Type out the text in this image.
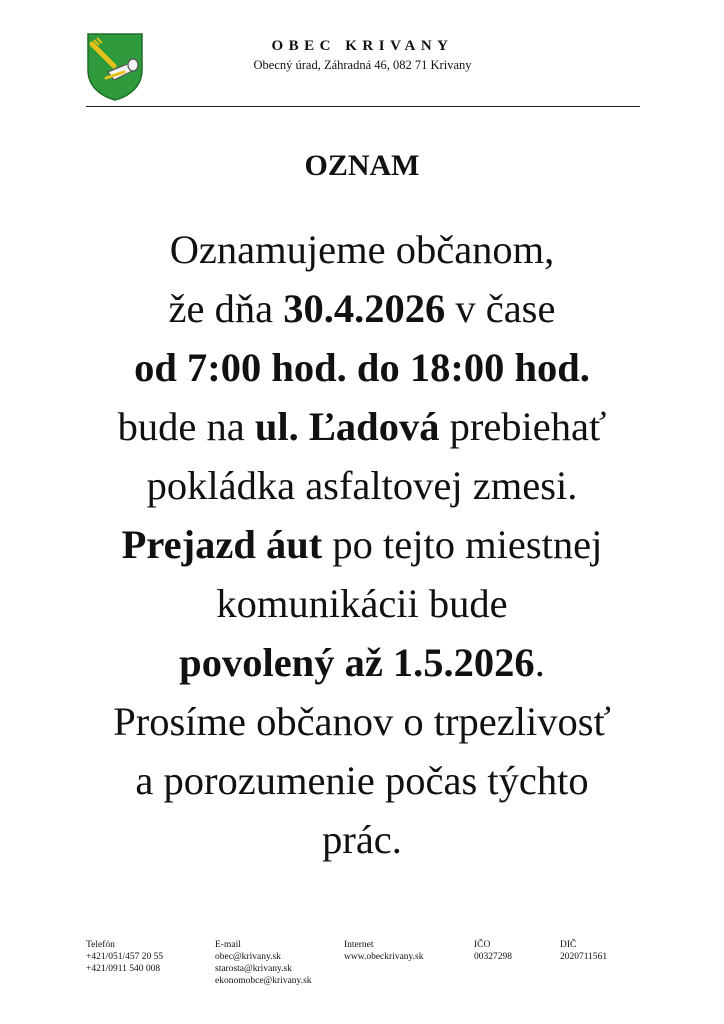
OBEC KRIVANY
Obecný úrad, Záhradná 46, 082 71 Krivany
OZNAM
Oznamujeme občanom,
že dňa 30.4.2026 v čase
od 7:00 hod. do 18:00 hod.
bude na ul. Ľadová prebiehať
pokládka asfaltovej zmesi.
Prejazd áut po tejto miestnej
komunikácii bude
povolený až 1.5.2026.
Prosíme občanov o trpezlivosť
a porozumenie počas týchto
prác.
Telefón
+421/051/457 20 55
+421/0911 540 008
E-mail
obec@krivany.sk
starosta@krivany.sk
ekonomobce@krivany.sk
Internet
www.obeckrivany.sk
IČO
00327298
DIČ
2020711561
